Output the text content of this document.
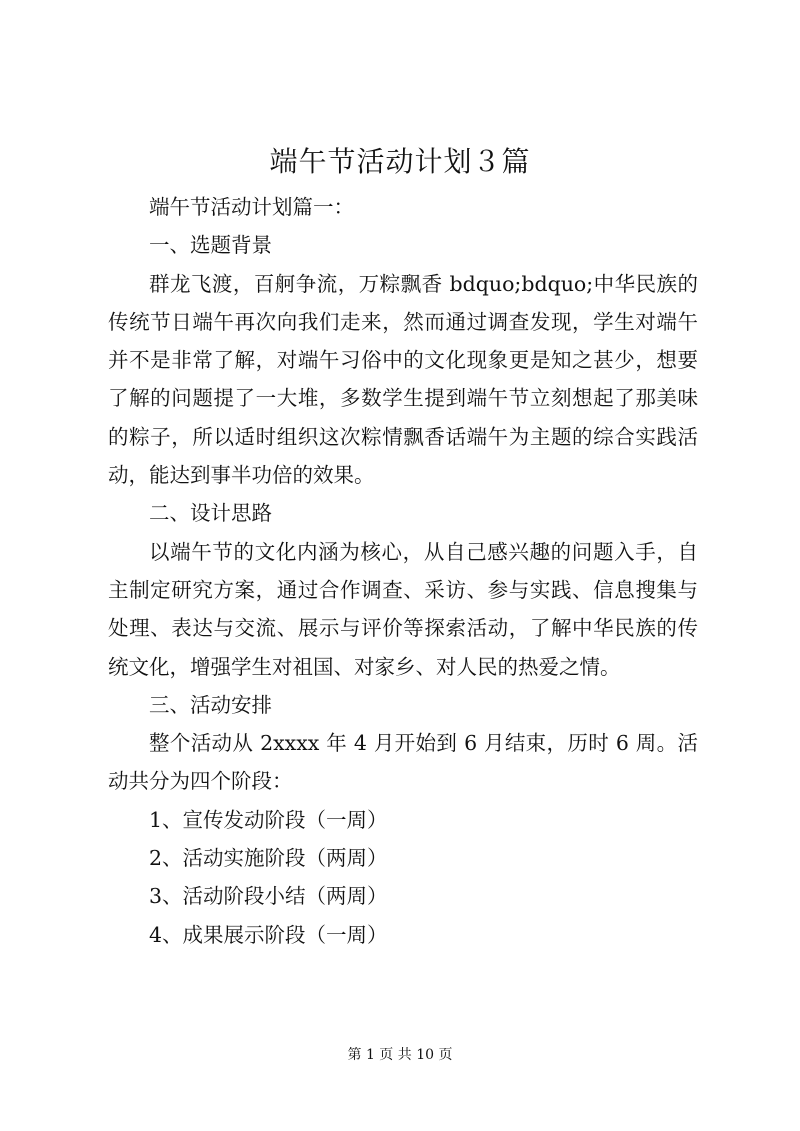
端午节活动计划３篇

端午节活动计划篇一：

一、选题背景

群龙飞渡，百舸争流，万粽飘香 bdquo;bdquo;中华民族的传统节日端午再次向我们走来，然而通过调查发现，学生对端午并不是非常了解，对端午习俗中的文化现象更是知之甚少，想要了解的问题提了一大堆，多数学生提到端午节立刻想起了那美味的粽子，所以适时组织这次粽情飘香话端午为主题的综合实践活动，能达到事半功倍的效果。

二、设计思路

以端午节的文化内涵为核心，从自己感兴趣的问题入手，自主制定研究方案，通过合作调查、采访、参与实践、信息搜集与处理、表达与交流、展示与评价等探索活动，了解中华民族的传统文化，增强学生对祖国、对家乡、对人民的热爱之情。

三、活动安排

整个活动从 2xxxx 年 4 月开始到 6 月结束，历时 6 周。活动共分为四个阶段：

1、宣传发动阶段（一周）

2、活动实施阶段（两周）

3、活动阶段小结（两周）

4、成果展示阶段（一周）

第 1 页 共 10 页
